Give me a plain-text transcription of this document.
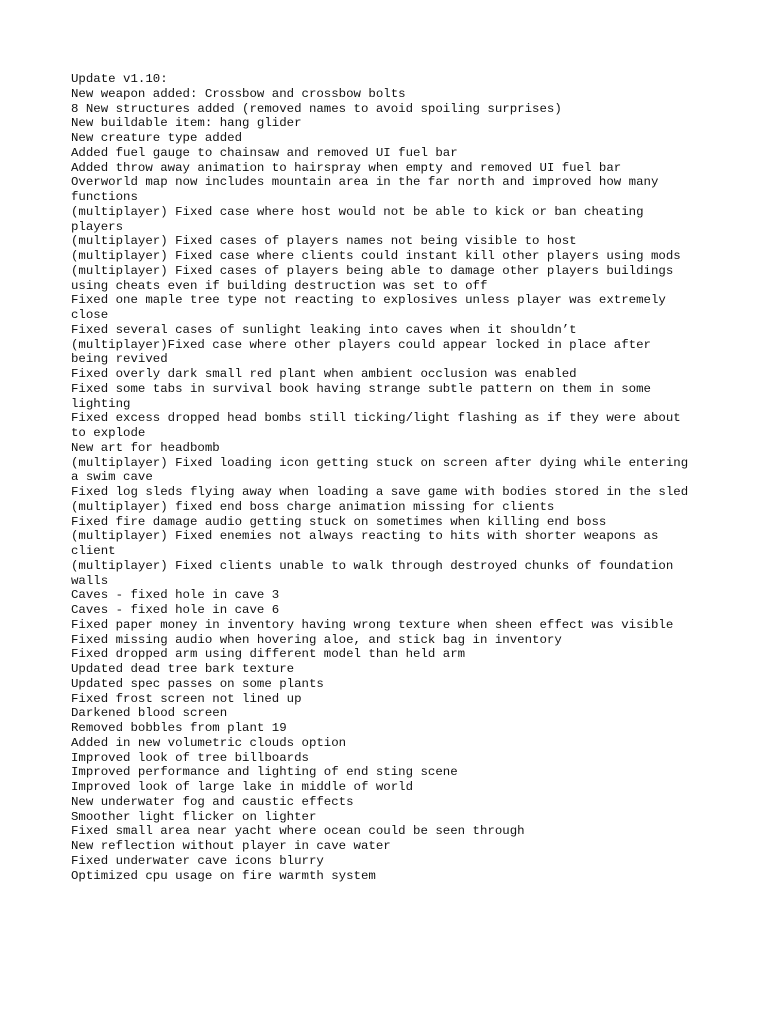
Update v1.10:

New weapon added: Crossbow and crossbow bolts

8 New structures added (removed names to avoid spoiling surprises)

New buildable item: hang glider

New creature type added

Added fuel gauge to chainsaw and removed UI fuel bar

Added throw away animation to hairspray when empty and removed UI fuel bar

Overworld map now includes mountain area in the far north and improved how many

functions

(multiplayer) Fixed case where host would not be able to kick or ban cheating

players

(multiplayer) Fixed cases of players names not being visible to host

(multiplayer) Fixed case where clients could instant kill other players using mods

(multiplayer) Fixed cases of players being able to damage other players buildings

using cheats even if building destruction was set to off

Fixed one maple tree type not reacting to explosives unless player was extremely

close

Fixed several cases of sunlight leaking into caves when it shouldn’t

(multiplayer)Fixed case where other players could appear locked in place after

being revived

Fixed overly dark small red plant when ambient occlusion was enabled

Fixed some tabs in survival book having strange subtle pattern on them in some

lighting

Fixed excess dropped head bombs still ticking/light flashing as if they were about

to explode

New art for headbomb

(multiplayer) Fixed loading icon getting stuck on screen after dying while entering

a swim cave

Fixed log sleds flying away when loading a save game with bodies stored in the sled

(multiplayer) fixed end boss charge animation missing for clients

Fixed fire damage audio getting stuck on sometimes when killing end boss

(multiplayer) Fixed enemies not always reacting to hits with shorter weapons as

client

(multiplayer) Fixed clients unable to walk through destroyed chunks of foundation

walls

Caves - fixed hole in cave 3

Caves - fixed hole in cave 6

Fixed paper money in inventory having wrong texture when sheen effect was visible

Fixed missing audio when hovering aloe, and stick bag in inventory

Fixed dropped arm using different model than held arm

Updated dead tree bark texture

Updated spec passes on some plants

Fixed frost screen not lined up

Darkened blood screen

Removed bobbles from plant 19

Added in new volumetric clouds option

Improved look of tree billboards

Improved performance and lighting of end sting scene

Improved look of large lake in middle of world

New underwater fog and caustic effects

Smoother light flicker on lighter

Fixed small area near yacht where ocean could be seen through

New reflection without player in cave water

Fixed underwater cave icons blurry

Optimized cpu usage on fire warmth system
